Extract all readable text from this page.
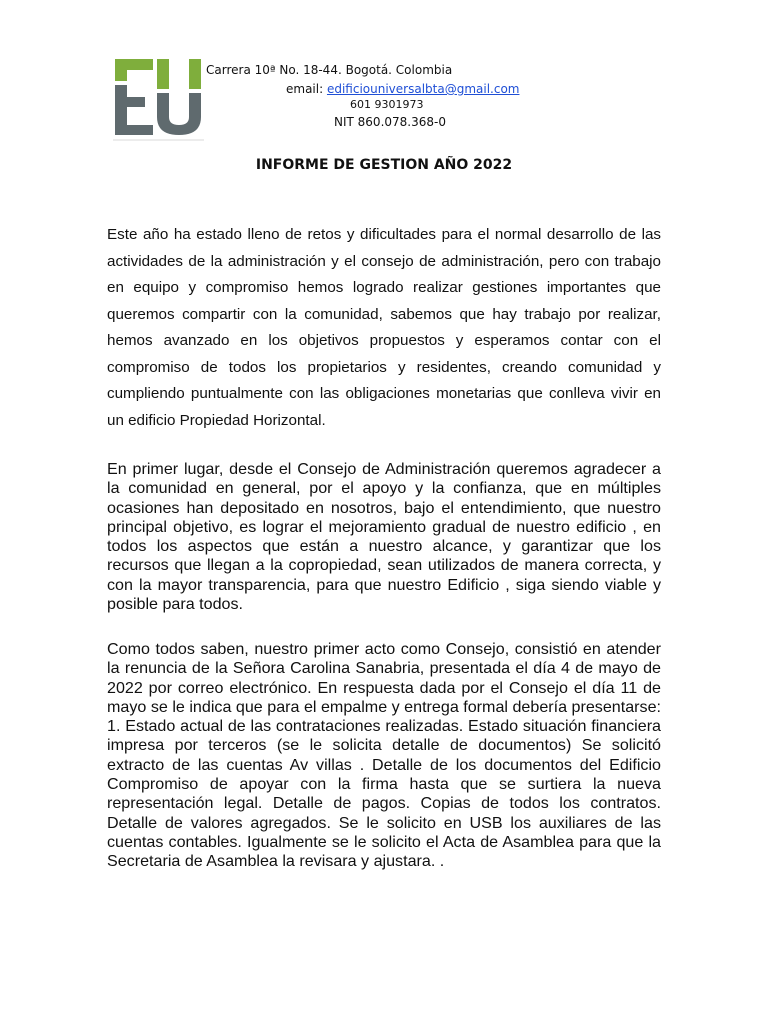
Carrera 10ª No. 18-44. Bogotá. Colombia
email: edificiouniversalbta@gmail.com
601 9301973
NIT 860.078.368-0
INFORME DE GESTION AÑO 2022

Este año ha estado lleno de retos y dificultades para el normal desarrollo de las actividades de la administración y el consejo de administración, pero con trabajo en equipo y compromiso hemos logrado realizar gestiones importantes que queremos compartir con la comunidad, sabemos que hay trabajo por realizar, hemos avanzado en los objetivos propuestos y esperamos contar con el compromiso de todos los propietarios y residentes, creando comunidad y cumpliendo puntualmente con las obligaciones monetarias que conlleva vivir en un edificio Propiedad Horizontal.

En primer lugar, desde el Consejo de Administración queremos agradecer a la comunidad en general, por el apoyo y la confianza, que en múltiples ocasiones han depositado en nosotros, bajo el entendimiento, que nuestro principal objetivo, es lograr el mejoramiento gradual de nuestro edificio , en todos los aspectos que están a nuestro alcance, y garantizar que los recursos que llegan a la copropiedad, sean utilizados de manera correcta, y con la mayor transparencia, para que nuestro Edificio , siga siendo viable y posible para todos.

Como todos saben, nuestro primer acto como Consejo, consistió en atender la renuncia de la Señora Carolina Sanabria, presentada el día 4 de mayo de 2022 por correo electrónico. En respuesta dada por el Consejo el día 11 de mayo se le indica que para el empalme y entrega formal debería presentarse: 1. Estado actual de las contrataciones realizadas. Estado situación financiera impresa por terceros (se le solicita detalle de documentos) Se solicitó extracto de las cuentas Av villas . Detalle de los documentos del Edificio Compromiso de apoyar con la firma hasta que se surtiera la nueva representación legal. Detalle de pagos. Copias de todos los contratos. Detalle de valores agregados. Se le solicito en USB los auxiliares de las cuentas contables. Igualmente se le solicito el Acta de Asamblea para que la Secretaria de Asamblea la revisara y ajustara. .
